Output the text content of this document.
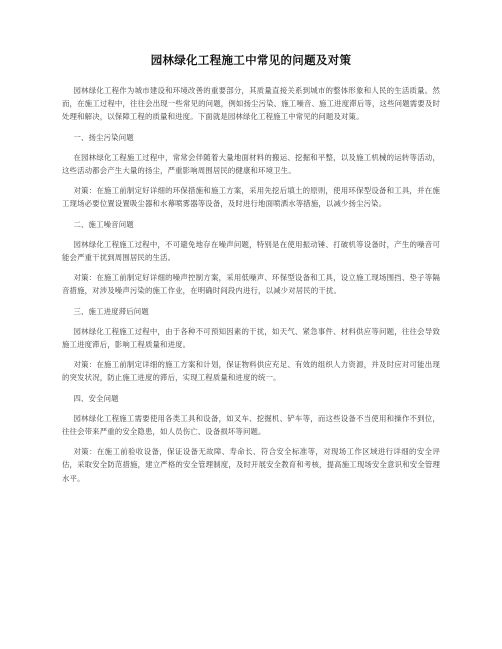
园林绿化工程施工中常见的问题及对策

园林绿化工程作为城市建设和环境改善的重要部分，其质量直接关系到城市的整体形象和人民的生活质量。然而，在施工过程中，往往会出现一些常见的问题，例如扬尘污染、施工噪音、施工进度滞后等，这些问题需要及时处理和解决，以保障工程的质量和进度。下面就是园林绿化工程施工中常见的问题及对策。

一、扬尘污染问题

在园林绿化工程施工过程中，常常会伴随着大量地面材料的搬运、挖掘和平整，以及施工机械的运转等活动，这些活动都会产生大量的扬尘，严重影响周围居民的健康和环境卫生。

对策：在施工前制定好详细的环保措施和施工方案，采用先挖后填土的原则，使用环保型设备和工具，并在施工现场必要位置设置吸尘器和水幕喷雾器等设备，及时进行地面喷洒水等措施，以减少扬尘污染。

二、施工噪音问题

园林绿化工程施工过程中，不可避免地存在噪声问题，特别是在使用振动锤、打破机等设备时，产生的噪音可能会严重干扰到周围居民的生活。

对策：在施工前制定好详细的噪声控制方案，采用低噪声、环保型设备和工具，设立施工现场围挡、垫子等隔音措施，对涉及噪声污染的施工作业，在明确时间段内进行，以减少对居民的干扰。

三、施工进度滞后问题

园林绿化工程施工过程中，由于各种不可预知因素的干扰，如天气、紧急事件、材料供应等问题，往往会导致施工进度滞后，影响工程质量和进度。

对策：在施工前制定详细的施工方案和计划，保证物料供应充足、有效的组织人力资源，并及时应对可能出现的突发状况，防止施工进度的滞后，实现工程质量和进度的统一。

四、安全问题

园林绿化工程施工需要使用各类工具和设备，如叉车、挖掘机、铲车等，而这些设备不当使用和操作不到位，往往会带来严重的安全隐患，如人员伤亡、设备损坏等问题。

对策：在施工前验收设备，保证设备无故障、寿命长、符合安全标准等，对现场工作区域进行详细的安全评估，采取安全防范措施，建立严格的安全管理制度，及时开展安全教育和考核，提高施工现场安全意识和安全管理水平。
